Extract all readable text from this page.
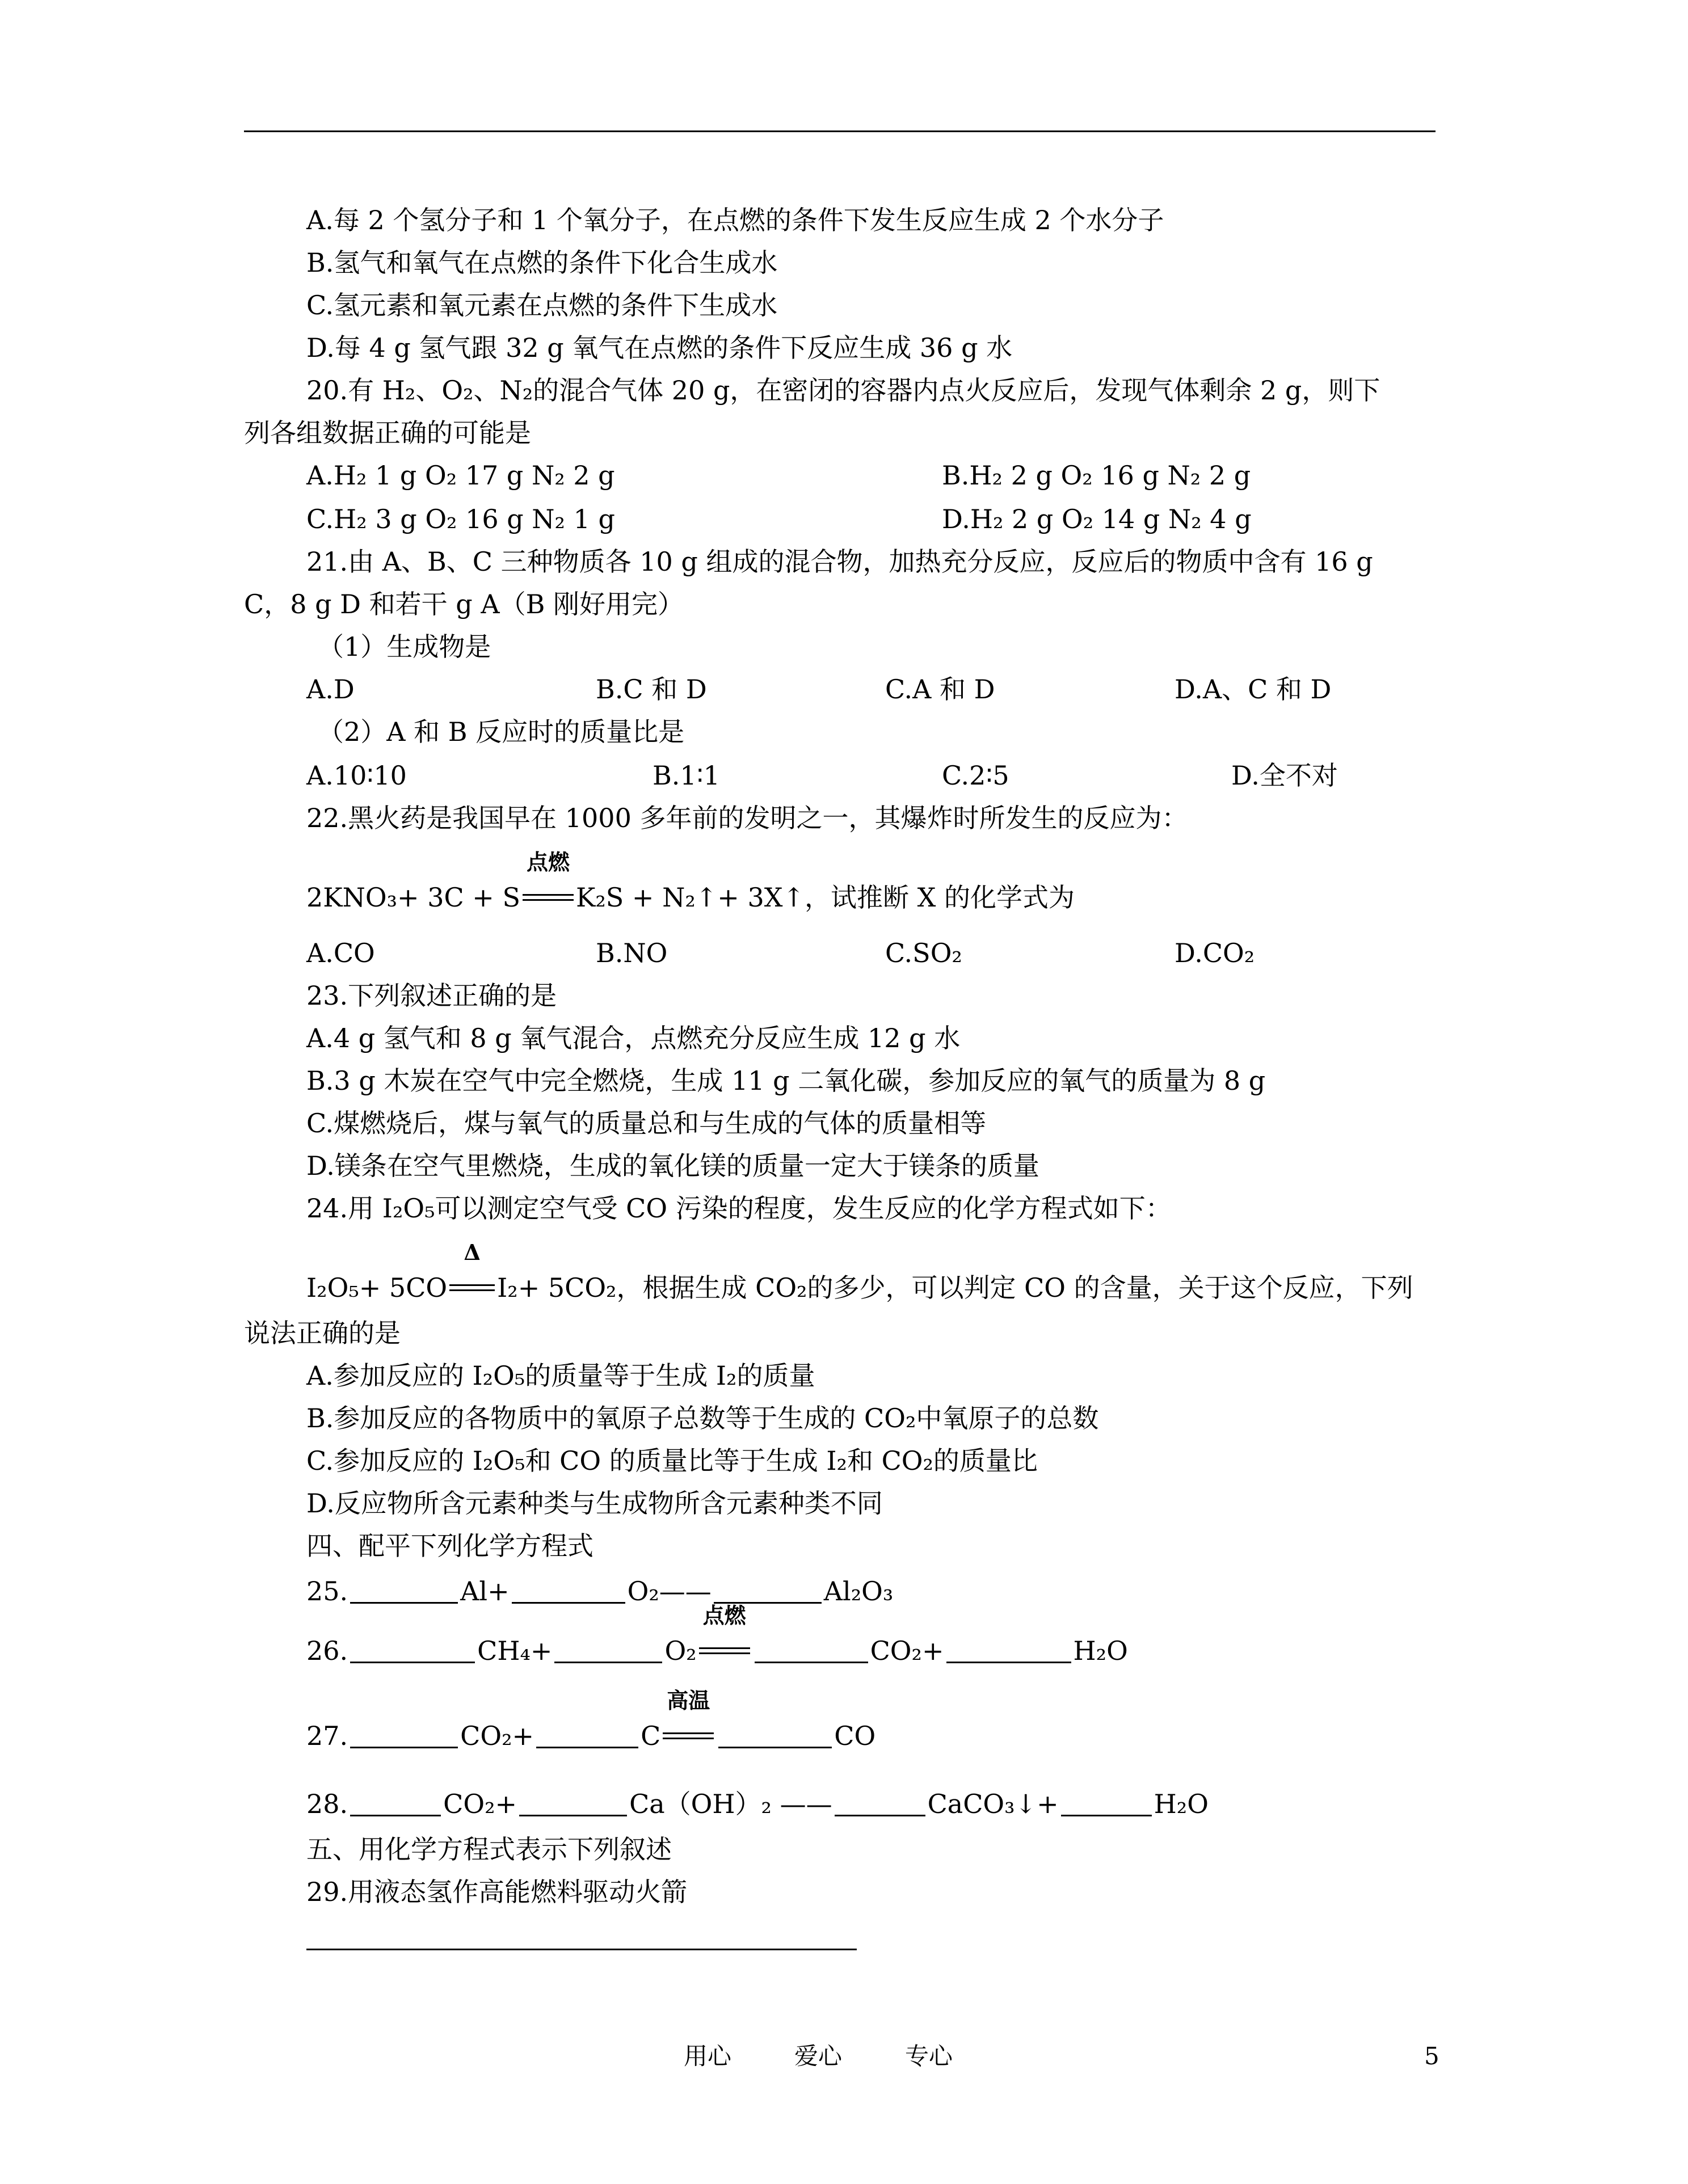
A.每 2 个氢分子和 1 个氧分子，在点燃的条件下发生反应生成 2 个水分子
B.氢气和氧气在点燃的条件下化合生成水
C.氢元素和氧元素在点燃的条件下生成水
D.每 4 g 氢气跟 32 g 氧气在点燃的条件下反应生成 36 g 水
20.有 H₂、O₂、N₂的混合气体 20 g，在密闭的容器内点火反应后，发现气体剩余 2 g，则下
列各组数据正确的可能是
A.H₂ 1 g O₂ 17 g N₂ 2 g	B.H₂ 2 g O₂ 16 g N₂ 2 g
C.H₂ 3 g O₂ 16 g N₂ 1 g	D.H₂ 2 g O₂ 14 g N₂ 4 g
21.由 A、B、C 三种物质各 10 g 组成的混合物，加热充分反应，反应后的物质中含有 16 g
C，8 g D 和若干 g A（B 刚好用完）
（1）生成物是
A.D	B.C 和 D	C.A 和 D	D.A、C 和 D
（2）A 和 B 反应时的质量比是
A.10∶10	B.1∶1	C.2∶5	D.全不对
22.黑火药是我国早在 1000 多年前的发明之一，其爆炸时所发生的反应为：
2KNO₃+ 3C + S
点燃
K₂S + N₂↑+ 3X↑，试推断 X 的化学式为
A.CO	B.NO	C.SO₂	D.CO₂
23.下列叙述正确的是
A.4 g 氢气和 8 g 氧气混合，点燃充分反应生成 12 g 水
B.3 g 木炭在空气中完全燃烧，生成 11 g 二氧化碳，参加反应的氧气的质量为 8 g
C.煤燃烧后，煤与氧气的质量总和与生成的气体的质量相等
D.镁条在空气里燃烧，生成的氧化镁的质量一定大于镁条的质量
24.用 I₂O₅可以测定空气受 CO 污染的程度，发生反应的化学方程式如下：
I₂O₅+ 5CO
Δ
I₂+ 5CO₂，根据生成 CO₂的多少，可以判定 CO 的含量，关于这个反应，下列
说法正确的是
A.参加反应的 I₂O₅的质量等于生成 I₂的质量
B.参加反应的各物质中的氧原子总数等于生成的 CO₂中氧原子的总数
C.参加反应的 I₂O₅和 CO 的质量比等于生成 I₂和 CO₂的质量比
D.反应物所含元素种类与生成物所含元素种类不同
四、配平下列化学方程式
25.	Al+	O₂——	Al₂O₃
26.	CH₄+	O₂
点燃
CO₂+	H₂O
27.	CO₂+	C
高温
CO
28.	CO₂+	Ca（OH）₂ ——	CaCO₃↓+	H₂O
五、用化学方程式表示下列叙述
29.用液态氢作高能燃料驱动火箭
用心	爱心	专心	5
